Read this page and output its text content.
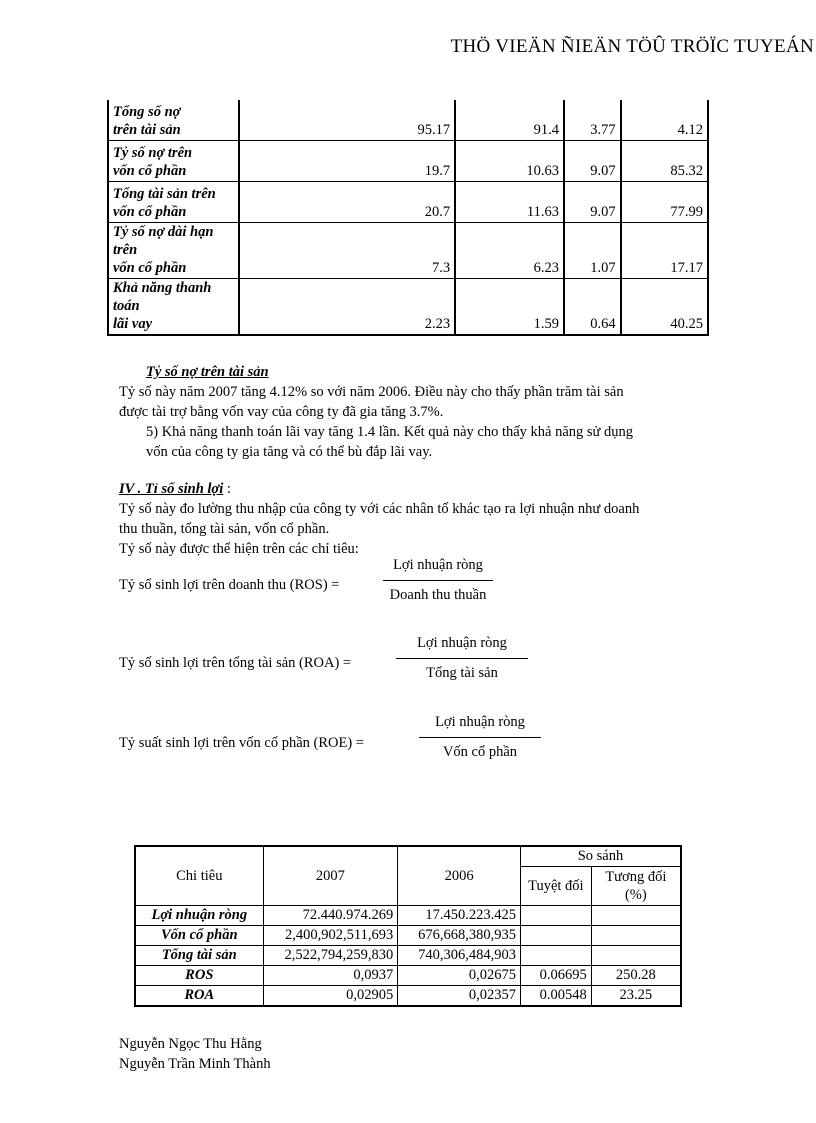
THÖ VIEÄN ÑIEÄN TÖÛ TRÖÏC TUYEÁN
Tổng số nợ
trên tài sản	95.17	91.4	3.77	4.12
Tỷ số nợ trên
vốn cổ phần	19.7	10.63	9.07	85.32
Tổng tài sản trên
vốn cổ phần	20.7	11.63	9.07	77.99
Tỷ số nợ dài hạn trên
vốn cổ phần	7.3	6.23	1.07	17.17
Khả năng thanh toán
lãi vay	2.23	1.59	0.64	40.25
Tỷ số nợ trên tài sản
Tỷ số này năm 2007 tăng 4.12% so với năm 2006. Điều này cho thấy phần trăm tài sản
được tài trợ bằng vốn vay của công ty đã gia tăng 3.7%.
5) Khả năng thanh toán lãi vay tăng 1.4 lần. Kết quả này cho thấy khả năng sử dụng
vốn của công ty gia tăng và có thể bù đắp lãi vay.
IV . Tỉ số sinh lợi :
Tỷ số này đo lường thu nhập của công ty với các nhân tố khác tạo ra lợi nhuận như doanh
thu thuần, tổng tài sản, vốn cổ phần.
Tỷ số này được thể hiện trên các chỉ tiêu:
Tỷ số sinh lợi trên doanh thu (ROS) =
Lợi nhuận ròng
Doanh thu thuần
Tỷ số sinh lợi trên tổng tài sản (ROA) =
Lợi nhuận ròng
Tổng tài sản
Tỷ suất sinh lợi trên vốn cổ phần (ROE) =
Lợi nhuận ròng
Vốn cổ phần
Chi tiêu	2007	2006	So sánh	
			Tuyệt đối	Tương đối
(%)
Lợi nhuận ròng	72.440.974.269	17.450.223.425		
Vốn cổ phần	2,400,902,511,693	676,668,380,935		
Tổng tài sản	2,522,794,259,830	740,306,484,903		
ROS	0,0937	0,02675	0.06695	250.28
ROA	0,02905	0,02357	0.00548	23.25
Nguyễn Ngọc Thu Hằng
Nguyễn Trần Minh Thành
